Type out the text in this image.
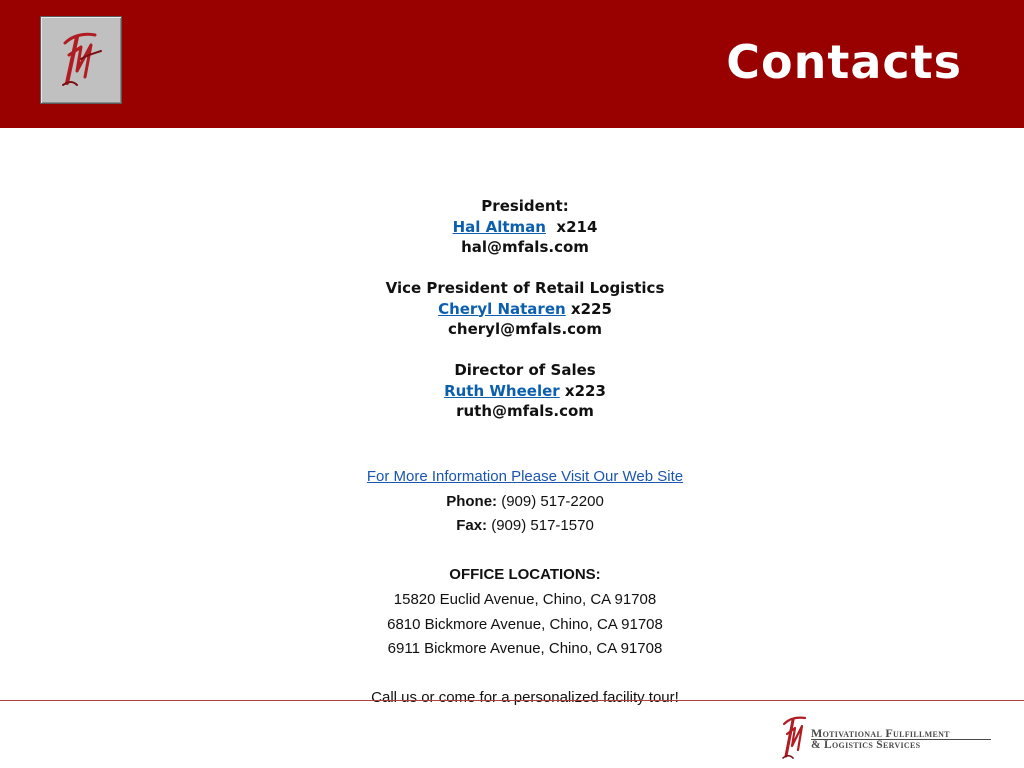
Contacts
President:
Hal Altman x214
hal@mfals.com
Vice President of Retail Logistics
Cheryl Nataren x225
cheryl@mfals.com
Director of Sales
Ruth Wheeler x223
ruth@mfals.com
For More Information Please Visit Our Web Site
Phone: (909) 517-2200
Fax: (909) 517-1570
OFFICE LOCATIONS:
15820 Euclid Avenue, Chino, CA 91708
6810 Bickmore Avenue, Chino, CA 91708
6911 Bickmore Avenue, Chino, CA 91708
Call us or come for a personalized facility tour!
Motivational Fulfillment
& Logistics Services
